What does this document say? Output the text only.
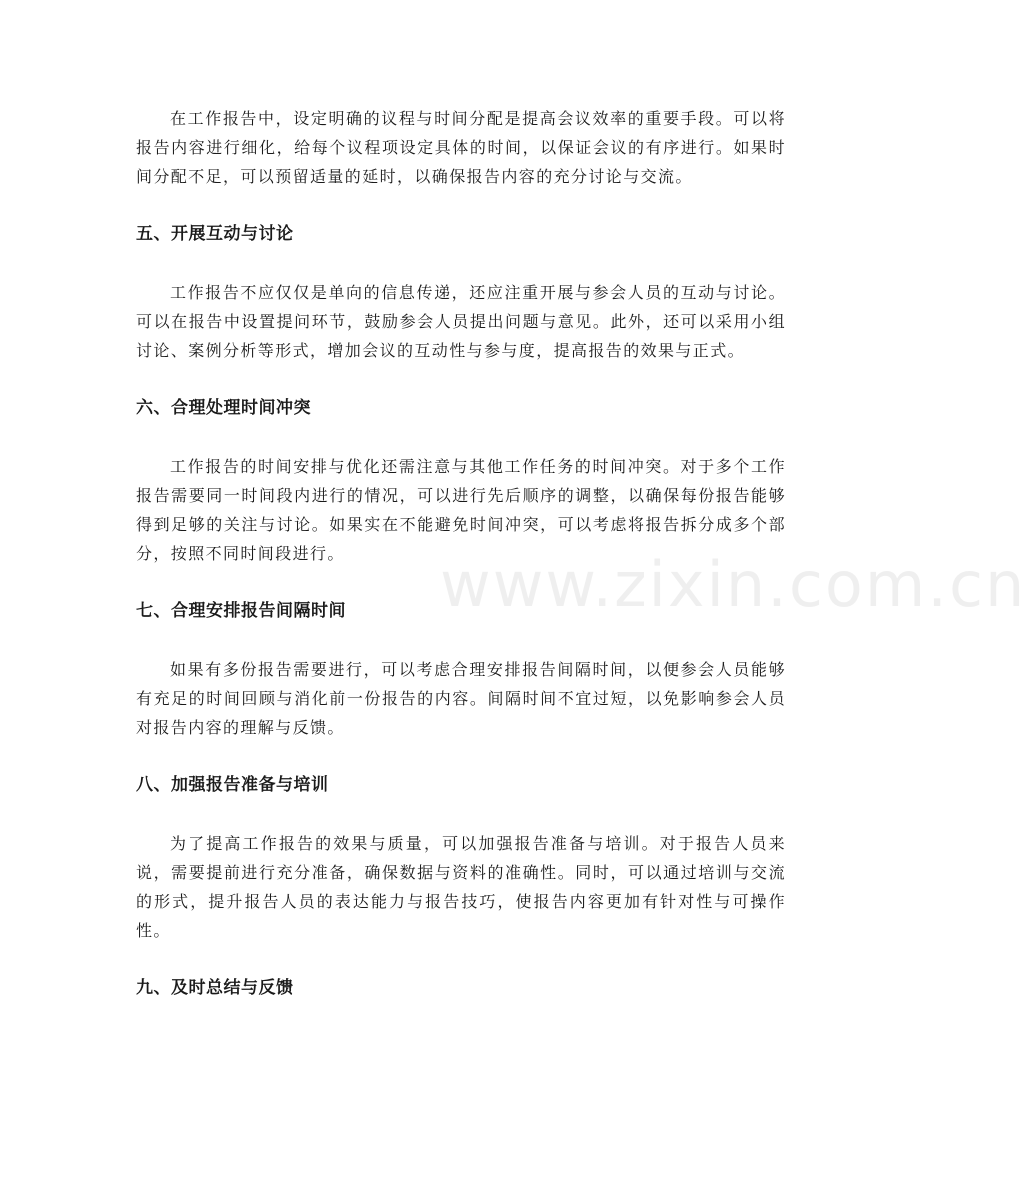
www.zixin.com.cn

在工作报告中，设定明确的议程与时间分配是提高会议效率的重要手段。可以将报告内容进行细化，给每个议程项设定具体的时间，以保证会议的有序进行。如果时间分配不足，可以预留适量的延时，以确保报告内容的充分讨论与交流。

五、开展互动与讨论

工作报告不应仅仅是单向的信息传递，还应注重开展与参会人员的互动与讨论。可以在报告中设置提问环节，鼓励参会人员提出问题与意见。此外，还可以采用小组讨论、案例分析等形式，增加会议的互动性与参与度，提高报告的效果与正式。

六、合理处理时间冲突

工作报告的时间安排与优化还需注意与其他工作任务的时间冲突。对于多个工作报告需要同一时间段内进行的情况，可以进行先后顺序的调整，以确保每份报告能够得到足够的关注与讨论。如果实在不能避免时间冲突，可以考虑将报告拆分成多个部分，按照不同时间段进行。

七、合理安排报告间隔时间

如果有多份报告需要进行，可以考虑合理安排报告间隔时间，以便参会人员能够有充足的时间回顾与消化前一份报告的内容。间隔时间不宜过短，以免影响参会人员对报告内容的理解与反馈。

八、加强报告准备与培训

为了提高工作报告的效果与质量，可以加强报告准备与培训。对于报告人员来说，需要提前进行充分准备，确保数据与资料的准确性。同时，可以通过培训与交流的形式，提升报告人员的表达能力与报告技巧，使报告内容更加有针对性与可操作性。

九、及时总结与反馈
